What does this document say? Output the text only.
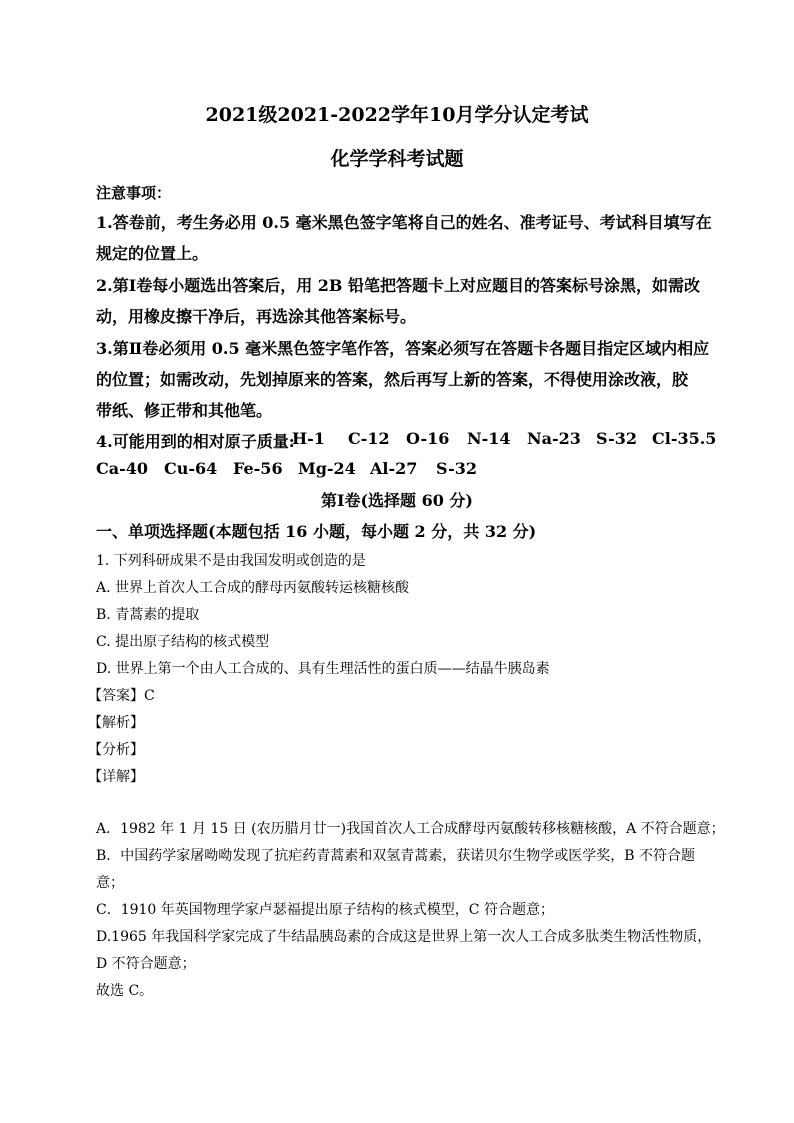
2021级2021-2022学年10月学分认定考试
化学学科考试题
注意事项：
1.答卷前，考生务必用 0.5 毫米黑色签字笔将自己的姓名、准考证号、考试科目填写在
规定的位置上。
2.第Ⅰ卷每小题选出答案后，用 2B 铅笔把答题卡上对应题目的答案标号涂黑，如需改
动，用橡皮擦干净后，再选涂其他答案标号。
3.第Ⅱ卷必须用 0.5 毫米黑色签字笔作答，答案必须写在答题卡各题目指定区域内相应
的位置；如需改动，先划掉原来的答案，然后再写上新的答案，不得使用涂改液，胶
带纸、修正带和其他笔。
4.可能用到的相对原子质量:
H-1 C-12 O-16 N-14 Na-23 S-32 Cl-35.5
Ca-40 Cu-64 Fe-56 Mg-24 Al-27 S-32
第Ⅰ卷(选择题 60 分)
一、单项选择题(本题包括 16 小题，每小题 2 分，共 32 分)
1. 下列科研成果不是由我国发明或创造的是
A. 世界上首次人工合成的酵母丙氨酸转运核糖核酸
B. 青蒿素的提取
C. 提出原子结构的核式模型
D. 世界上第一个由人工合成的、具有生理活性的蛋白质——结晶牛胰岛素
【答案】C
【解析】
【分析】
【详解】
A．1982 年 1 月 15 日 (农历腊月廿一)我国首次人工合成酵母丙氨酸转移核糖核酸，A 不符合题意；
B．中国药学家屠呦呦发现了抗疟药青蒿素和双氢青蒿素，获诺贝尔生物学或医学奖，B 不符合题
意；
C．1910 年英国物理学家卢瑟福提出原子结构的核式模型，C 符合题意；
D.1965 年我国科学家完成了牛结晶胰岛素的合成这是世界上第一次人工合成多肽类生物活性物质，
D 不符合题意；
故选 C。
